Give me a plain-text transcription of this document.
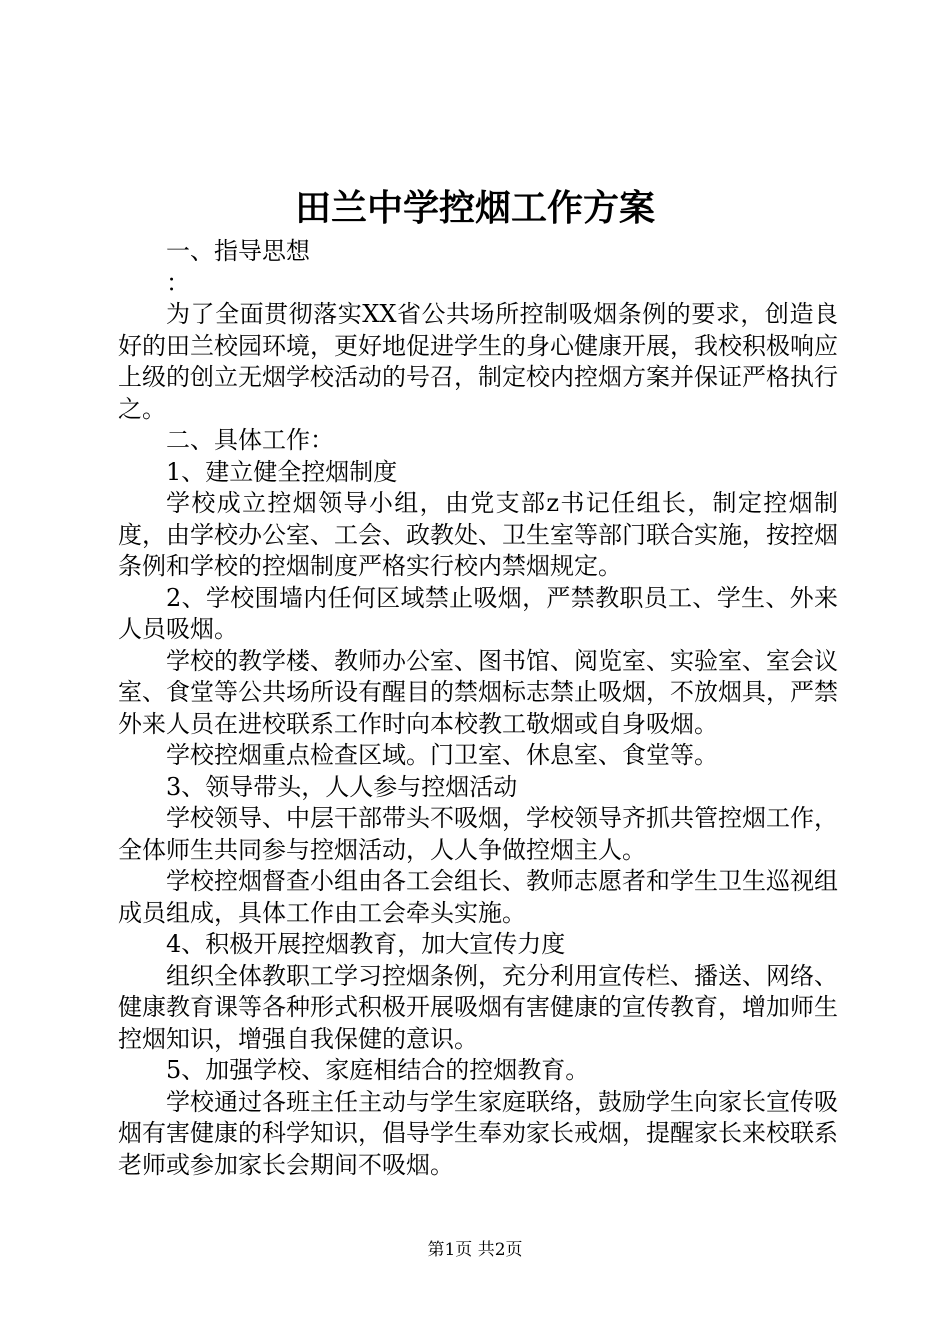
田兰中学控烟工作方案

一、指导思想

：

为了全面贯彻落实XX省公共场所控制吸烟条例的要求，创造良好的田兰校园环境，更好地促进学生的身心健康开展，我校积极响应上级的创立无烟学校活动的号召，制定校内控烟方案并保证严格执行之。

二、具体工作：

1、建立健全控烟制度

学校成立控烟领导小组，由党支部z书记任组长，制定控烟制度，由学校办公室、工会、政教处、卫生室等部门联合实施，按控烟条例和学校的控烟制度严格实行校内禁烟规定。

2、学校围墙内任何区域禁止吸烟，严禁教职员工、学生、外来人员吸烟。

学校的教学楼、教师办公室、图书馆、阅览室、实验室、室会议室、食堂等公共场所设有醒目的禁烟标志禁止吸烟，不放烟具，严禁外来人员在进校联系工作时向本校教工敬烟或自身吸烟。

学校控烟重点检查区域。门卫室、休息室、食堂等。

3、领导带头，人人参与控烟活动

学校领导、中层干部带头不吸烟，学校领导齐抓共管控烟工作，全体师生共同参与控烟活动，人人争做控烟主人。

学校控烟督查小组由各工会组长、教师志愿者和学生卫生巡视组成员组成，具体工作由工会牵头实施。

4、积极开展控烟教育，加大宣传力度

组织全体教职工学习控烟条例，充分利用宣传栏、播送、网络、健康教育课等各种形式积极开展吸烟有害健康的宣传教育，增加师生控烟知识，增强自我保健的意识。

5、加强学校、家庭相结合的控烟教育。

学校通过各班主任主动与学生家庭联络，鼓励学生向家长宣传吸烟有害健康的科学知识，倡导学生奉劝家长戒烟，提醒家长来校联系老师或参加家长会期间不吸烟。

第1页 共2页
